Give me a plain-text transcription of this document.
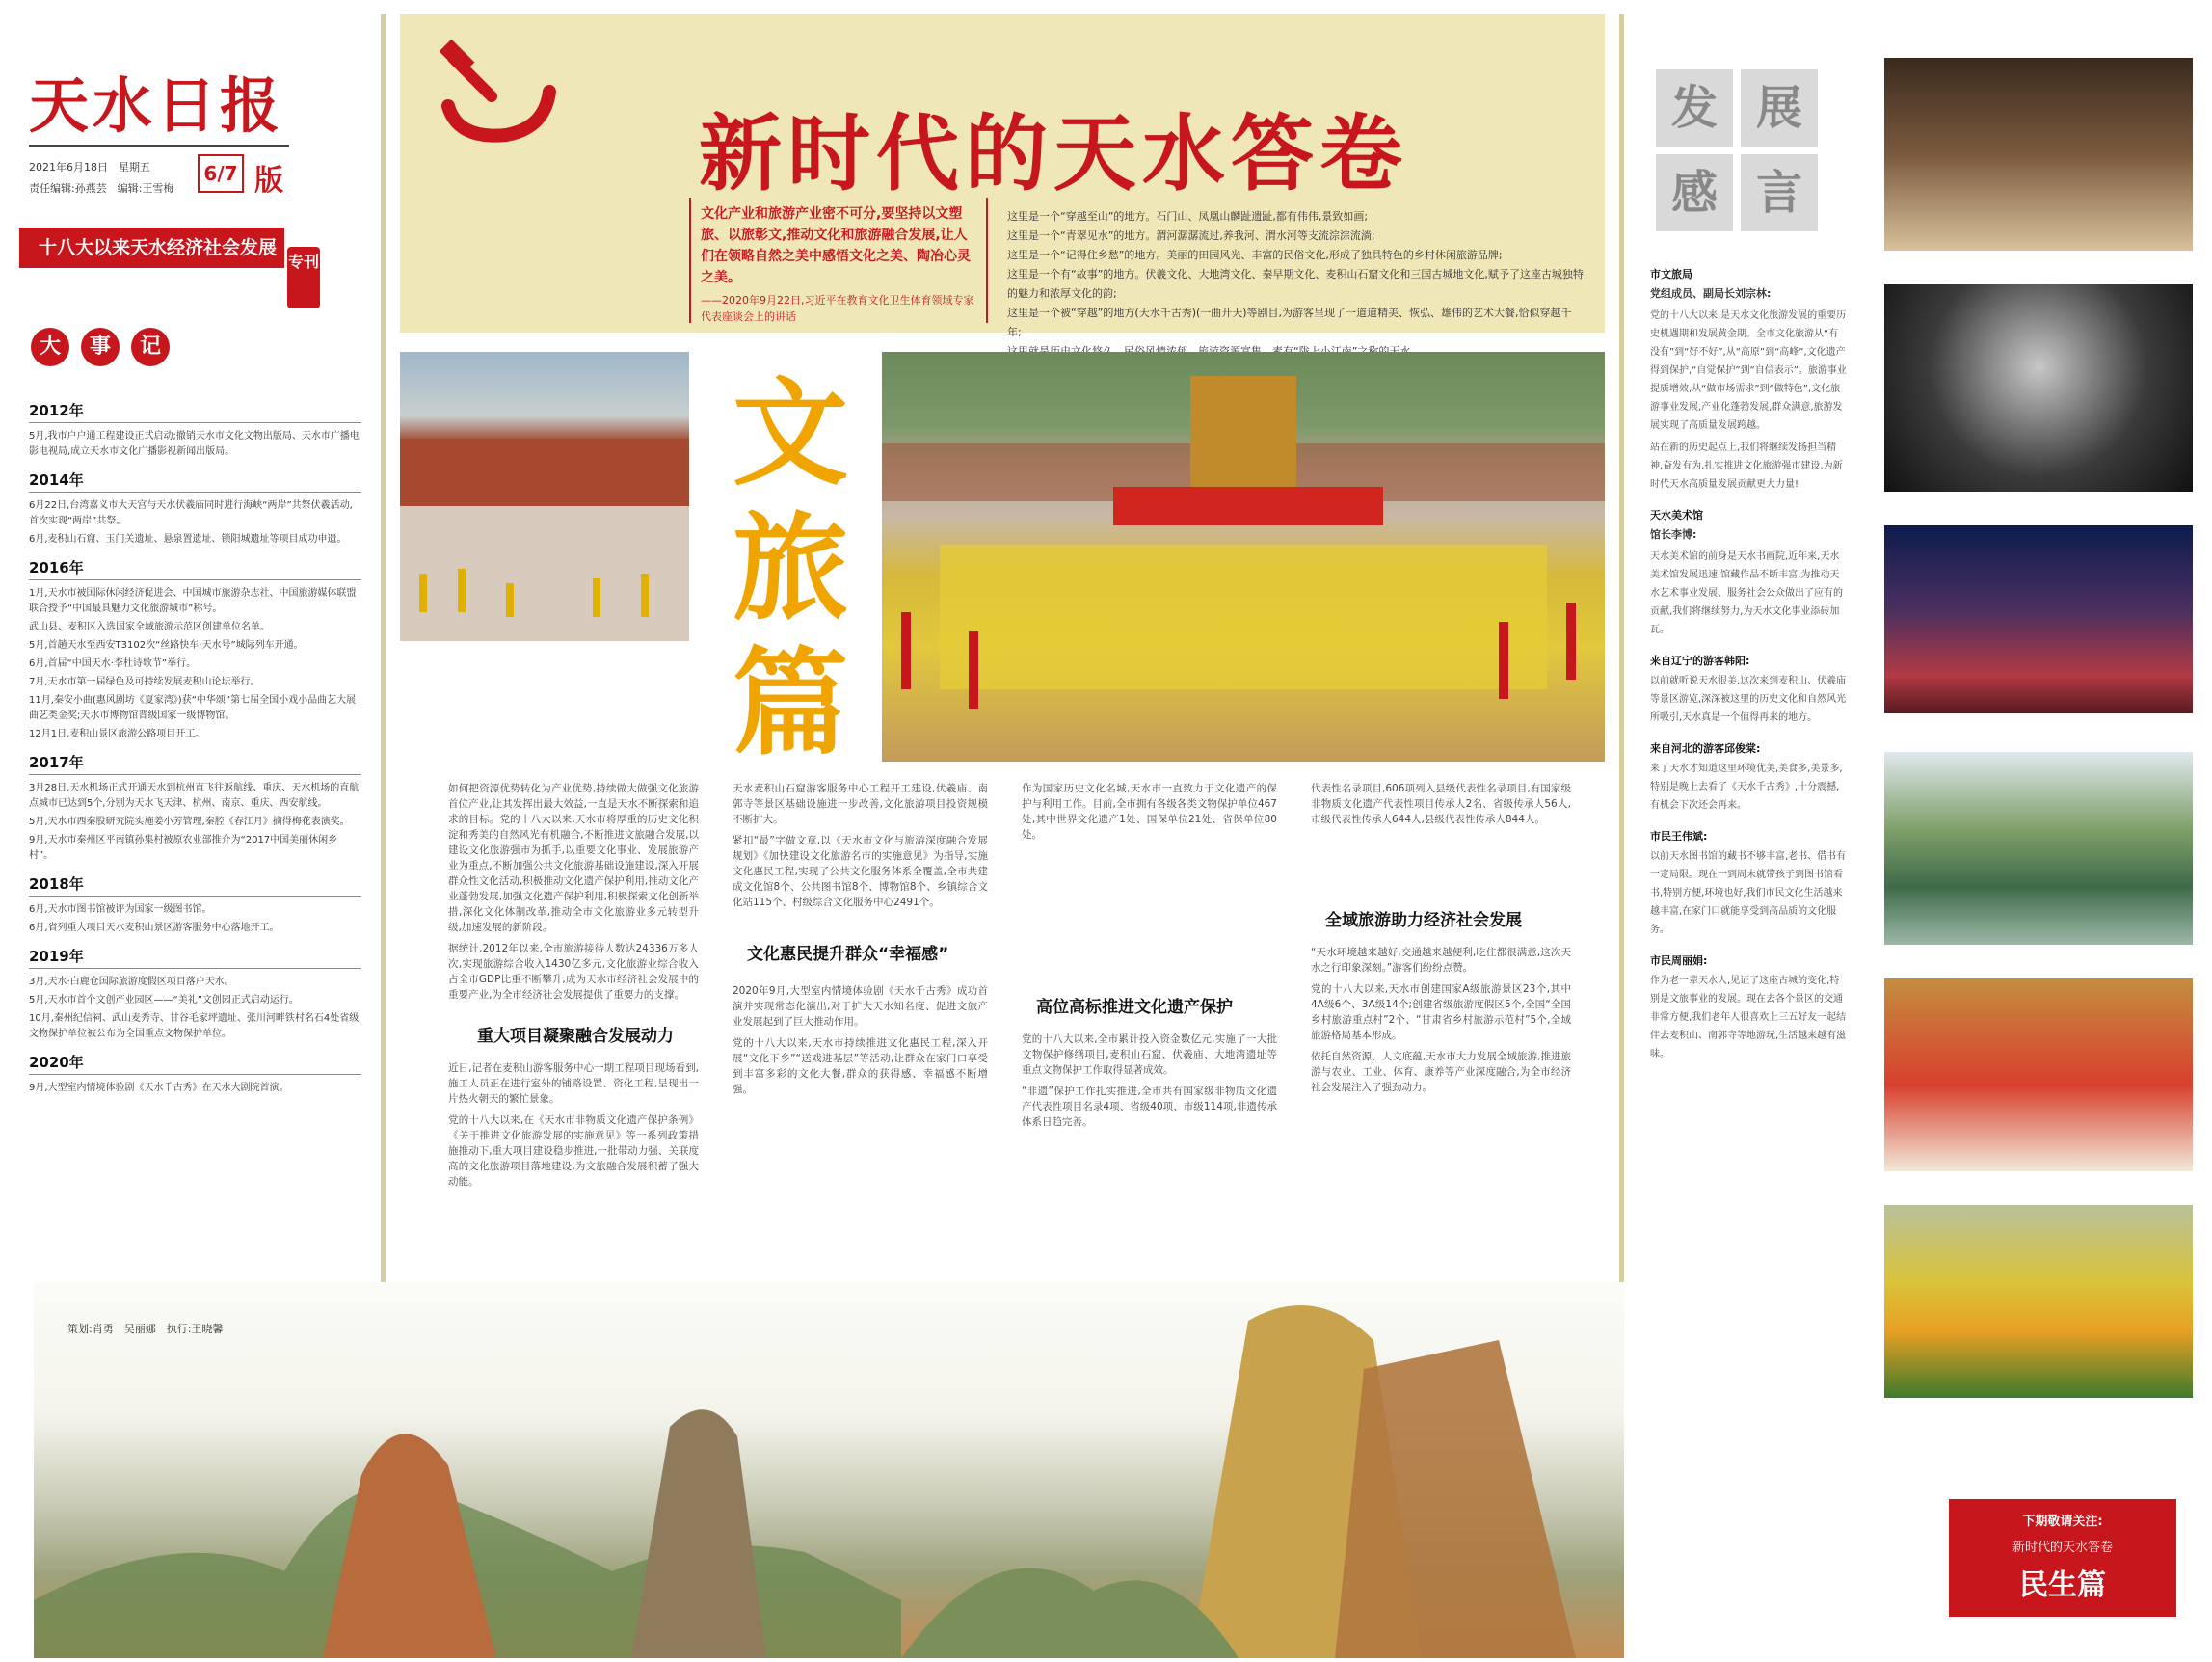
天水日报
2021年6月18日　星期五
责任编辑:孙燕芸　编辑:王雪梅
6/7 版
十八大以来天水经济社会发展
专刊
大	事	记
2012年
5月,我市户户通工程建设正式启动;撤销天水市文化文物出版局、天水市广播电影电视局,成立天水市文化广播影视新闻出版局。
2014年
6月22日,台湾嘉义市大天宫与天水伏羲庙同时进行海峡“两岸”共祭伏羲活动,首次实现“两岸”共祭。
6月,麦积山石窟、玉门关遗址、悬泉置遗址、锁阳城遗址等项目成功申遗。
2016年
1月,天水市被国际休闲经济促进会、中国城市旅游杂志社、中国旅游媒体联盟联合授予“中国最具魅力文化旅游城市”称号。
武山县、麦积区入选国家全域旅游示范区创建单位名单。
5月,首趟天水至西安T3102次“丝路快车·天水号”城际列车开通。
6月,首届“中国天水·李杜诗歌节”举行。
7月,天水市第一届绿色及可持续发展麦积山论坛举行。
11月,秦安小曲(惠风剧坊《夏家湾》)获“中华颂”第七届全国小戏小品曲艺大展曲艺类金奖;天水市博物馆晋级国家一级博物馆。
12月1日,麦积山景区旅游公路项目开工。
2017年
3月28日,天水机场正式开通天水到杭州直飞往返航线、重庆、天水机场的直航点城市已达到5个,分别为天水飞天津、杭州、南京、重庆、西安航线。
5月,天水市西秦股研究院实施姜小芳管理,秦腔《春江月》摘得梅花表演奖。
9月,天水市秦州区平南镇孙集村被原农业部推介为“2017中国美丽休闲乡村”。
2018年
6月,天水市图书馆被评为国家一级图书馆。
6月,省列重大项目天水麦积山景区游客服务中心落地开工。
2019年
3月,天水·白鹿仓国际旅游度假区项目落户天水。
5月,天水市首个文创产业园区——“美礼”文创园正式启动运行。
10月,秦州纪信祠、武山麦秀寺、甘谷毛家坪遗址、张川河畔铁村名石4处省级文物保护单位被公布为全国重点文物保护单位。
2020年
9月,大型室内情境体验剧《天水千古秀》在天水大剧院首演。
新时代的天水答卷
文化产业和旅游产业密不可分,要坚持以文塑旅、以旅彰文,推动文化和旅游融合发展,让人们在领略自然之美中感悟文化之美、陶冶心灵之美。
——2020年9月22日,习近平在教育文化卫生体育领域专家代表座谈会上的讲话
这里是一个“穿越至山”的地方。石门山、凤凰山麟趾遗趾,都有伟伟,景致如画;
这里是一个“青翠见水”的地方。渭河潺潺流过,养我河、渭水河等支流淙淙流淌;
这里是一个“记得住乡愁”的地方。美丽的田园风光、丰富的民俗文化,形成了独具特色的乡村休闲旅游品牌;
这里是一个有“故事”的地方。伏羲文化、大地湾文化、秦早期文化、麦积山石窟文化和三国古城地文化,赋予了这座古城独特的魅力和浓厚文化的韵;
这里是一个被“穿越”的地方(天水千古秀)(一曲开天)等剧目,为游客呈现了一道道精美、恢弘、雄伟的艺术大餐,恰似穿越千年;
文旅篇

如何把资源优势转化为产业优势,持续做大做强文化旅游首位产业,让其发挥出最大效益,一直是天水不断探索和追求的目标。党的十八大以来,天水市将厚重的历史文化积淀和秀美的自然风光有机融合,不断推进文旅融合发展,以建设文化旅游强市为抓手,以重要文化事业、发展旅游产业为重点,不断加强公共文化旅游基础设施建设,深入开展群众性文化活动,积极推动文化遗产保护利用,推动文化产业蓬勃发展,加强文化遗产保护利用,积极探索文化创新举措,深化文化体制改革,推动全市文化旅游业多元转型升级,加速发展的新阶段。

据统计,2012年以来,全市旅游接待人数达24336万多人次,实现旅游综合收入1430亿多元,文化旅游业综合收入占全市GDP比重不断攀升,成为天水市经济社会发展中的重要产业,为全市经济社会发展提供了重要力的支撑。

重大项目凝聚融合发展动力

近日,记者在麦积山游客服务中心一期工程项目现场看到,施工人员正在进行室外的铺路设置、资化工程,呈现出一片热火朝天的繁忙景象。

党的十八大以来,在《天水市非物质文化遗产保护条例》《关于推进文化旅游发展的实施意见》等一系列政策措施推动下,重大项目建设稳步推进,一批带动力强、关联度高的文化旅游项目落地建设,为文旅融合发展积蓄了强大动能。

天水麦积山石窟游客服务中心工程开工建设,伏羲庙、南郭寺等景区基础设施进一步改善,文化旅游项目投资规模不断扩大。

紧扣“最”字做文章,以《天水市文化与旅游深度融合发展规划》《加快建设文化旅游名市的实施意见》为指导,实施文化惠民工程,实现了公共文化服务体系全覆盖,全市共建成文化馆8个、公共图书馆8个、博物馆8个、乡镇综合文化站115个、村级综合文化服务中心2491个。

文化惠民提升群众“幸福感”

2020年9月,大型室内情境体验剧《天水千古秀》成功首演并实现常态化演出,对于扩大天水知名度、促进文旅产业发展起到了巨大推动作用。

党的十八大以来,天水市持续推进文化惠民工程,深入开展“文化下乡”“送戏进基层”等活动,让群众在家门口享受到丰富多彩的文化大餐,群众的获得感、幸福感不断增强。

作为国家历史文化名城,天水市一直致力于文化遗产的保护与利用工作。目前,全市拥有各级各类文物保护单位467处,其中世界文化遗产1处、国保单位21处、省保单位80处。

高位高标推进文化遗产保护

党的十八大以来,全市累计投入资金数亿元,实施了一大批文物保护修缮项目,麦积山石窟、伏羲庙、大地湾遗址等重点文物保护工作取得显著成效。

“非遗”保护工作扎实推进,全市共有国家级非物质文化遗产代表性项目名录4项、省级40项、市级114项,非遗传承体系日趋完善。

代表性名录项目,606项列入县级代表性名录项目,有国家级非物质文化遗产代表性项目传承人2名、省级传承人56人,市级代表性传承人644人,县级代表性传承人844人。

全域旅游助力经济社会发展

“天水环境越来越好,交通越来越便利,吃住都很满意,这次天水之行印象深刻。”游客们纷纷点赞。

党的十八大以来,天水市创建国家A级旅游景区23个,其中4A级6个、3A级14个;创建省级旅游度假区5个,全国“全国乡村旅游重点村”2个、“甘肃省乡村旅游示范村”5个,全域旅游格局基本形成。

依托自然资源、人文底蕴,天水市大力发展全域旅游,推进旅游与农业、工业、体育、康养等产业深度融合,为全市经济社会发展注入了强劲动力。

策划:肖勇　吴丽娜　执行:王晓馨
发 展
感 言
市文旅局
党组成员、副局长刘宗林:
党的十八大以来,是天水文化旅游发展的重要历史机遇期和发展黄金期。全市文化旅游从“有没有”到“好不好”,从“高原”到“高峰”,文化遗产得到保护,“自觉保护”到“自信表示”。旅游事业提质增效,从“做市场需求”到“做特色”,文化旅游事业发展,产业化蓬勃发展,群众满意,旅游发展实现了高质量发展跨越。
站在新的历史起点上,我们将继续发扬担当精神,奋发有为,扎实推进文化旅游强市建设,为新时代天水高质量发展贡献更大力量!
天水美术馆
馆长李博:
天水美术馆的前身是天水书画院,近年来,天水美术馆发展迅速,馆藏作品不断丰富,为推动天水艺术事业发展、服务社会公众做出了应有的贡献,我们将继续努力,为天水文化事业添砖加瓦。
来自辽宁的游客韩阳:
以前就听说天水很美,这次来到麦积山、伏羲庙等景区游览,深深被这里的历史文化和自然风光所吸引,天水真是一个值得再来的地方。
来自河北的游客邱俊棠:
来了天水才知道这里环境优美,美食多,美景多,特别是晚上去看了《天水千古秀》,十分震撼,有机会下次还会再来。
市民王伟斌:
以前天水图书馆的藏书不够丰富,老书、借书有一定局限。现在一到周末就带孩子到图书馆看书,特别方便,环境也好,我们市民文化生活越来越丰富,在家门口就能享受到高品质的文化服务。
市民周丽娟:
作为老一辈天水人,见证了这座古城的变化,特别是文旅事业的发展。现在去各个景区的交通非常方便,我们老年人很喜欢上三五好友一起结伴去麦积山、南郭寺等地游玩,生活越来越有滋味。
下期敬请关注:
新时代的天水答卷
民生篇
